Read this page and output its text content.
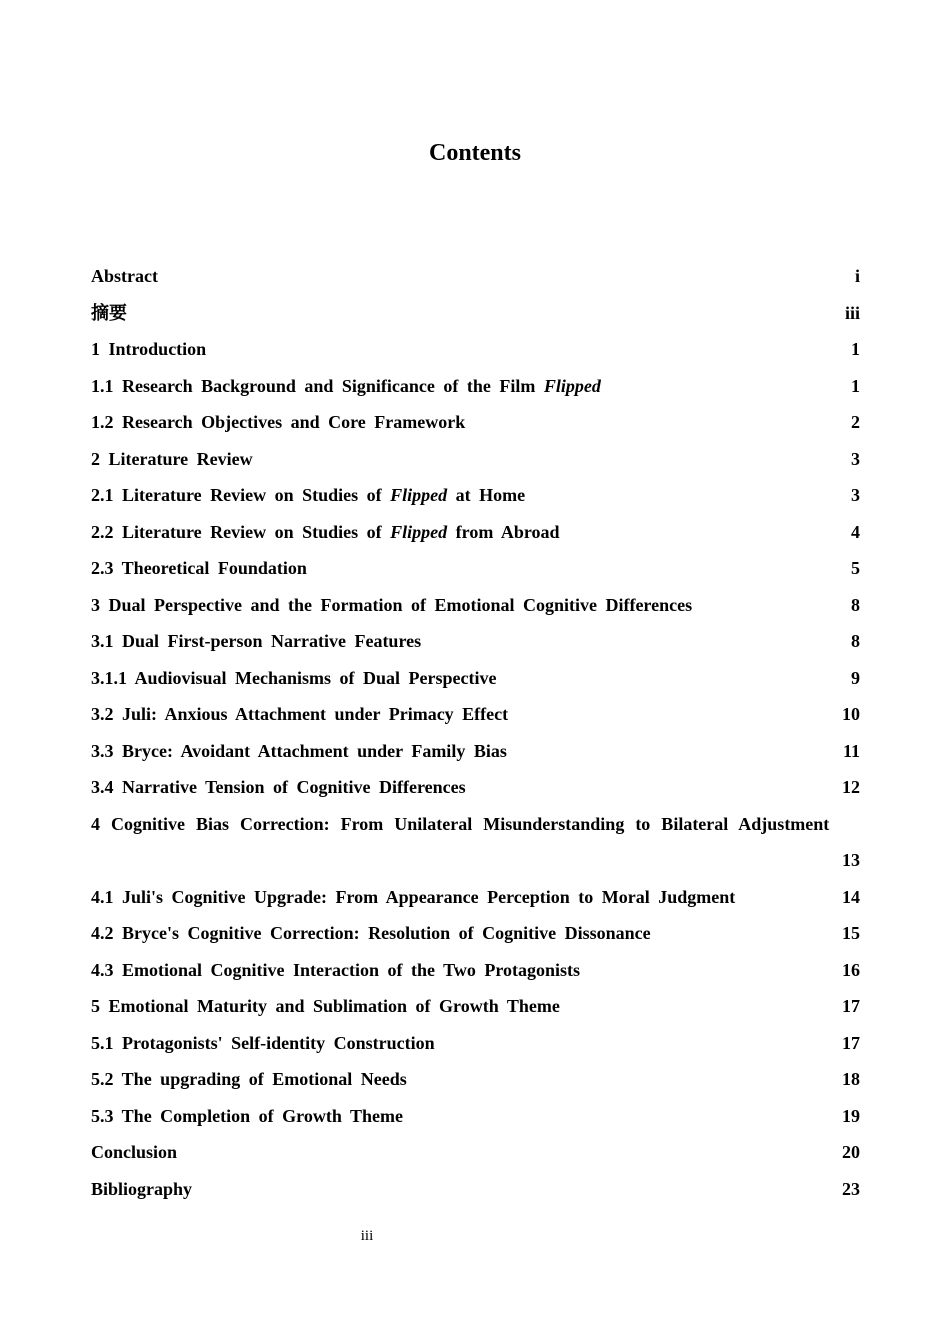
Contents
Abstract	i
摘要	iii
1 Introduction	1
1.1 Research Background and Significance of the Film Flipped	1
1.2 Research Objectives and Core Framework	2
2 Literature Review	3
2.1 Literature Review on Studies of Flipped at Home	3
2.2 Literature Review on Studies of Flipped from Abroad	4
2.3 Theoretical Foundation	5
3 Dual Perspective and the Formation of Emotional Cognitive Differences	8
3.1 Dual First-person Narrative Features	8
3.1.1 Audiovisual Mechanisms of Dual Perspective	9
3.2 Juli: Anxious Attachment under Primacy Effect	10
3.3 Bryce: Avoidant Attachment under Family Bias	11
3.4 Narrative Tension of Cognitive Differences	12
4 Cognitive Bias Correction: From Unilateral Misunderstanding to Bilateral Adjustment
13
4.1 Juli's Cognitive Upgrade: From Appearance Perception to Moral Judgment	14
4.2 Bryce's Cognitive Correction: Resolution of Cognitive Dissonance	15
4.3 Emotional Cognitive Interaction of the Two Protagonists	16
5 Emotional Maturity and Sublimation of Growth Theme	17
5.1 Protagonists' Self-identity Construction	17
5.2 The upgrading of Emotional Needs	18
5.3 The Completion of Growth Theme	19
Conclusion	20
Bibliography	23
iii
